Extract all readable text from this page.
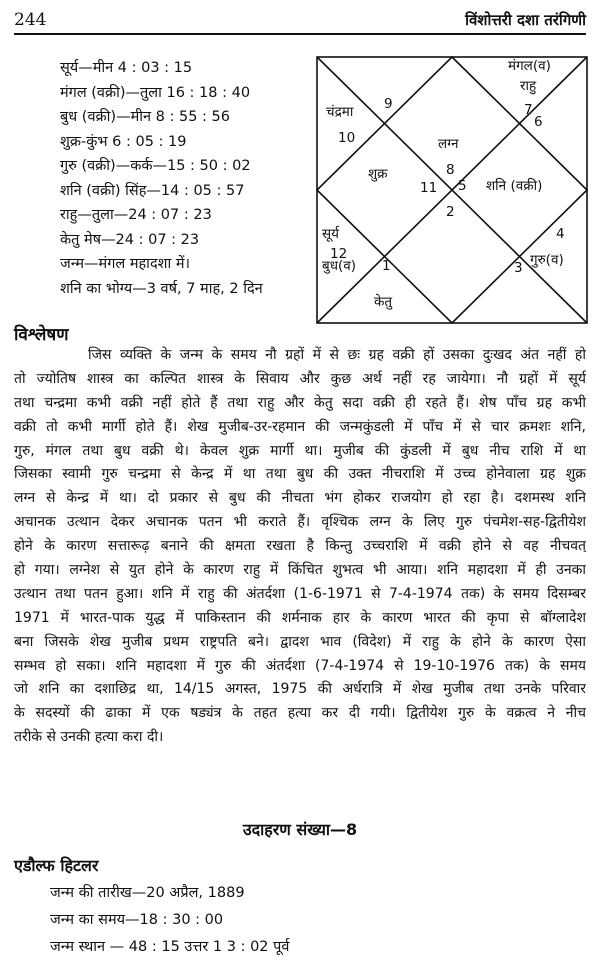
244	विंशोत्तरी दशा तरंगिणी
सूर्य—मीन 4 : 03 : 15
मंगल (वक्री)—तुला 16 : 18 : 40
बुध (वक्री)—मीन 8 : 55 : 56
शुक्र-कुंभ 6 : 05 : 19
गुरु (वक्री)—कर्क—15 : 50 : 02
शनि (वक्री) सिंह—14 : 05 : 57
राहु—तुला—24 : 07 : 23
केतु मेष—24 : 07 : 23
जन्म—मंगल महादशा में।
शनि का भोग्य—3 वर्ष, 7 माह, 2 दिन
मंगल(व)
राहु
7
6
चंद्रमा 9
10	लग्न
शुक्र	8
11 5 शनि (वक्री)
2
सूर्य
12
बुध(व) 1
4
3 गुरु(व)
केतु
विश्लेषण
जिस व्यक्ति के जन्म के समय नौ ग्रहों में से छः ग्रह वक्री हों उसका दुःखद अंत नहीं हो
तो ज्योतिष शास्त्र का कल्पित शास्त्र के सिवाय और कुछ अर्थ नहीं रह जायेगा। नौ ग्रहों में सूर्य
तथा चन्द्रमा कभी वक्री नहीं होते हैं तथा राहु और केतु सदा वक्री ही रहते हैं। शेष पाँच ग्रह कभी
वक्री तो कभी मार्गी होते हैं। शेख मुजीब-उर-रहमान की जन्मकुंडली में पाँच में से चार क्रमशः शनि,
गुरु, मंगल तथा बुध वक्री थे। केवल शुक्र मार्गी था। मुजीब की कुंडली में बुध नीच राशि में था
जिसका स्वामी गुरु चन्द्रमा से केन्द्र में था तथा बुध की उक्त नीचराशि में उच्च होनेवाला ग्रह शुक्र
लग्न से केन्द्र में था। दो प्रकार से बुध की नीचता भंग होकर राजयोग हो रहा है। दशमस्थ शनि
अचानक उत्थान देकर अचानक पतन भी कराते हैं। वृश्चिक लग्न के लिए गुरु पंचमेश-सह-द्वितीयेश
होने के कारण सत्तारूढ़ बनाने की क्षमता रखता है किन्तु उच्चराशि में वक्री होने से वह नीचवत्
हो गया। लग्नेश से युत होने के कारण राहु में किंचित शुभत्व भी आया। शनि महादशा में ही उनका
उत्थान तथा पतन हुआ। शनि में राहु की अंतर्दशा (1-6-1971 से 7-4-1974 तक) के समय दिसम्बर
1971 में भारत-पाक युद्ध में पाकिस्तान की शर्मनाक हार के कारण भारत की कृपा से बॉग्लादेश
बना जिसके शेख मुजीब प्रथम राष्ट्रपति बने। द्वादश भाव (विदेश) में राहु के होने के कारण ऐसा
सम्भव हो सका। शनि महादशा में गुरु की अंतर्दशा (7-4-1974 से 19-10-1976 तक) के समय
जो शनि का दशाछिद्र था, 14/15 अगस्त, 1975 की अर्धरात्रि में शेख मुजीब तथा उनके परिवार
के सदस्यों की ढाका में एक षड्यंत्र के तहत हत्या कर दी गयी। द्वितीयेश गुरु के वक्रत्व ने नीच
तरीके से उनकी हत्या करा दी।
उदाहरण संख्या—8
एडौल्फ हिटलर
जन्म की तारीख—20 अप्रैल, 1889
जन्म का समय—18 : 30 : 00
जन्म स्थान — 48 : 15 उत्तर 1 3 : 02 पूर्व
